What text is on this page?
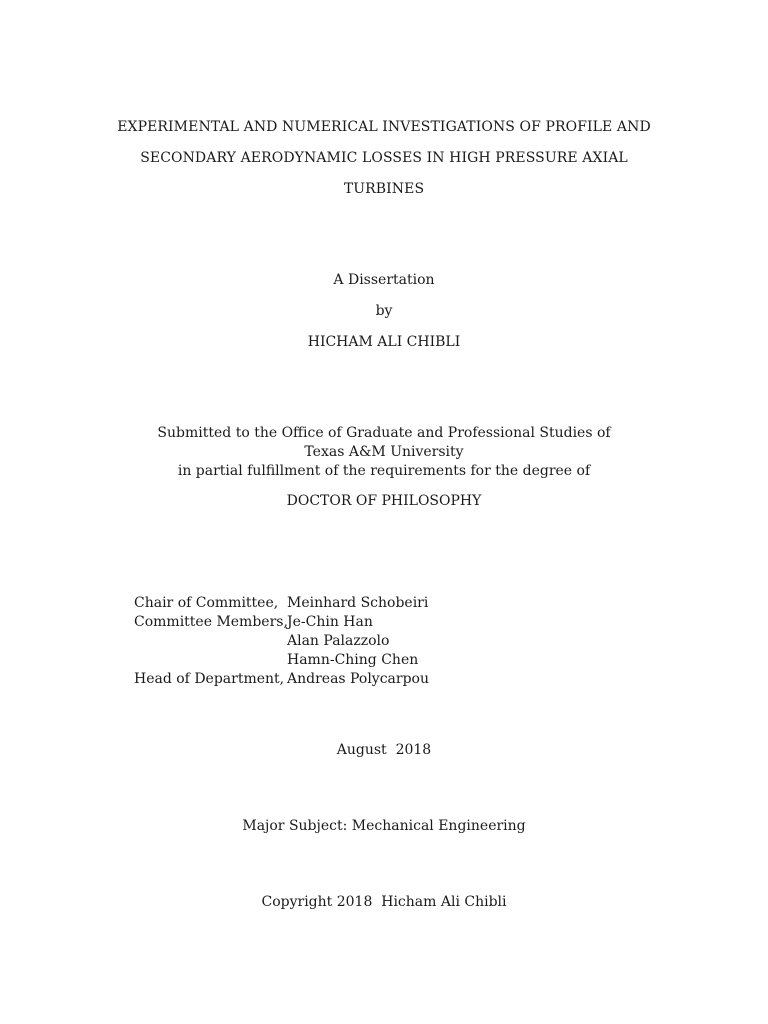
EXPERIMENTAL AND NUMERICAL INVESTIGATIONS OF PROFILE AND
SECONDARY AERODYNAMIC LOSSES IN HIGH PRESSURE AXIAL
TURBINES
A Dissertation
by
HICHAM ALI CHIBLI
Submitted to the Office of Graduate and Professional Studies of
Texas A&M University
in partial fulfillment of the requirements for the degree of
DOCTOR OF PHILOSOPHY
Chair of Committee, Meinhard Schobeiri
Committee Members, Je-Chin Han
Alan Palazzolo
Hamn-Ching Chen
Head of Department, Andreas Polycarpou
August  2018
Major Subject: Mechanical Engineering
Copyright 2018  Hicham Ali Chibli
